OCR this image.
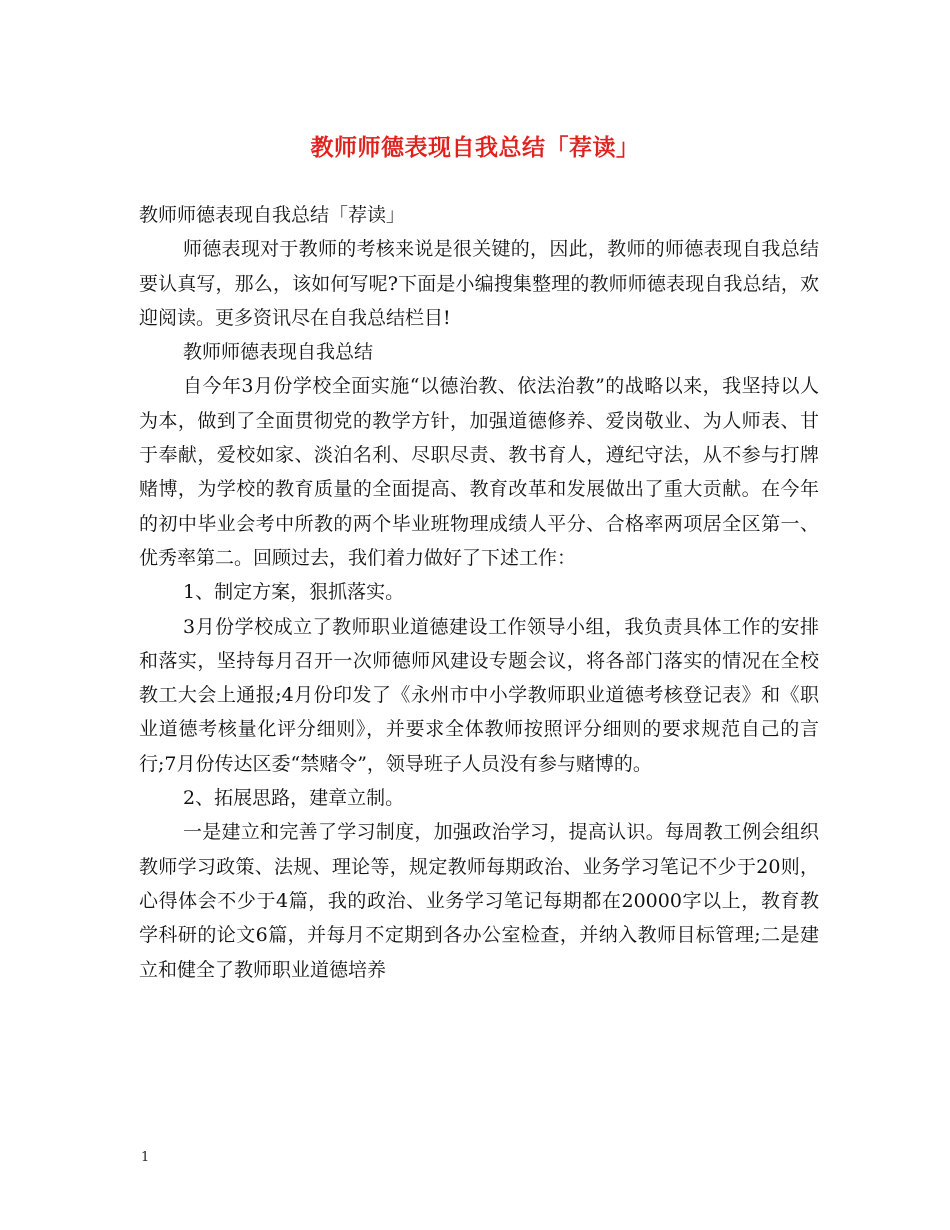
教师师德表现自我总结「荐读」

教师师德表现自我总结「荐读」

师德表现对于教师的考核来说是很关键的，因此，教师的师德表现自我总结要认真写，那么，该如何写呢?下面是小编搜集整理的教师师德表现自我总结，欢迎阅读。更多资讯尽在自我总结栏目!

教师师德表现自我总结

自今年3月份学校全面实施“以德治教、依法治教”的战略以来，我坚持以人为本，做到了全面贯彻党的教学方针，加强道德修养、爱岗敬业、为人师表、甘于奉献，爱校如家、淡泊名利、尽职尽责、教书育人，遵纪守法，从不参与打牌赌博，为学校的教育质量的全面提高、教育改革和发展做出了重大贡献。在今年的初中毕业会考中所教的两个毕业班物理成绩人平分、合格率两项居全区第一、优秀率第二。回顾过去，我们着力做好了下述工作：

1、制定方案，狠抓落实。

3月份学校成立了教师职业道德建设工作领导小组，我负责具体工作的安排和落实，坚持每月召开一次师德师风建设专题会议，将各部门落实的情况在全校教工大会上通报;4月份印发了《永州市中小学教师职业道德考核登记表》和《职业道德考核量化评分细则》，并要求全体教师按照评分细则的要求规范自己的言行;7月份传达区委“禁赌令”，领导班子人员没有参与赌博的。

2、拓展思路，建章立制。

一是建立和完善了学习制度，加强政治学习，提高认识。每周教工例会组织教师学习政策、法规、理论等，规定教师每期政治、业务学习笔记不少于20则，心得体会不少于4篇，我的政治、业务学习笔记每期都在20000字以上，教育教学科研的论文6篇，并每月不定期到各办公室检查，并纳入教师目标管理;二是建立和健全了教师职业道德培养

1
